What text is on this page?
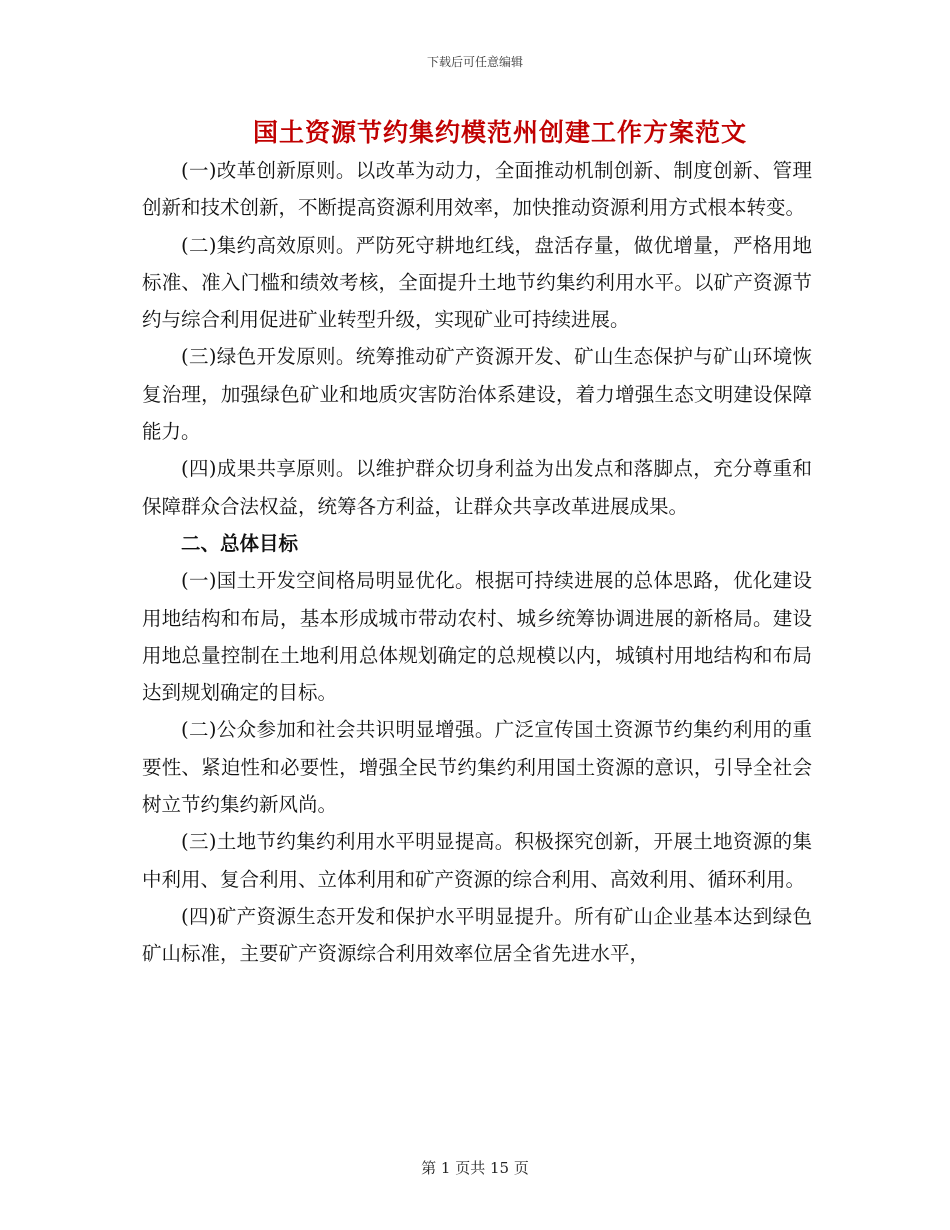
下载后可任意编辑
国土资源节约集约模范州创建工作方案范文

(一)改革创新原则。以改革为动力，全面推动机制创新、制度创新、管理创新和技术创新，不断提高资源利用效率，加快推动资源利用方式根本转变。

(二)集约高效原则。严防死守耕地红线，盘活存量，做优增量，严格用地标准、准入门槛和绩效考核，全面提升土地节约集约利用水平。以矿产资源节约与综合利用促进矿业转型升级，实现矿业可持续进展。

(三)绿色开发原则。统筹推动矿产资源开发、矿山生态保护与矿山环境恢复治理，加强绿色矿业和地质灾害防治体系建设，着力增强生态文明建设保障能力。

(四)成果共享原则。以维护群众切身利益为出发点和落脚点，充分尊重和保障群众合法权益，统筹各方利益，让群众共享改革进展成果。

二、总体目标

(一)国土开发空间格局明显优化。根据可持续进展的总体思路，优化建设用地结构和布局，基本形成城市带动农村、城乡统筹协调进展的新格局。建设用地总量控制在土地利用总体规划确定的总规模以内，城镇村用地结构和布局达到规划确定的目标。

(二)公众参加和社会共识明显增强。广泛宣传国土资源节约集约利用的重要性、紧迫性和必要性，增强全民节约集约利用国土资源的意识，引导全社会树立节约集约新风尚。

(三)土地节约集约利用水平明显提高。积极探究创新，开展土地资源的集中利用、复合利用、立体利用和矿产资源的综合利用、高效利用、循环利用。

(四)矿产资源生态开发和保护水平明显提升。所有矿山企业基本达到绿色矿山标准，主要矿产资源综合利用效率位居全省先进水平，

第 1 页共 15 页
